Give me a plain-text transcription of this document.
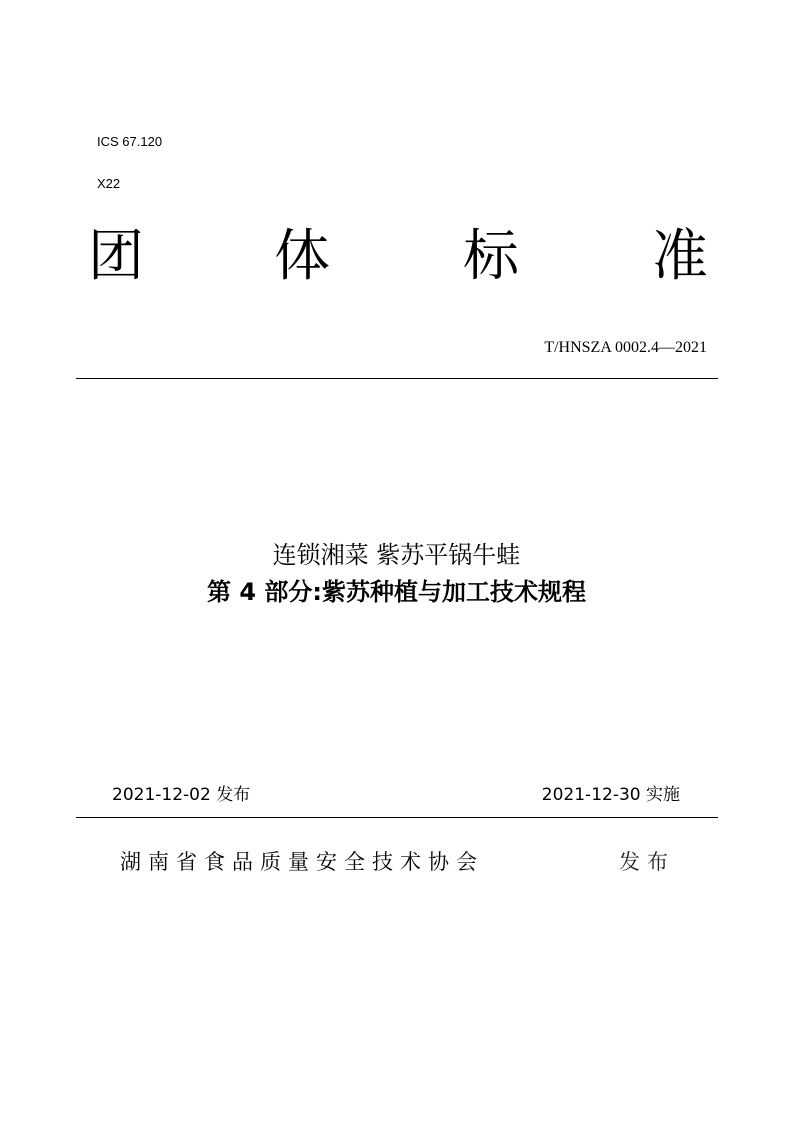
ICS 67.120
X22
团 体 标 准
T/HNSZA 0002.4—2021
连锁湘菜 紫苏平锅牛蛙
第 4 部分:紫苏种植与加工技术规程
2021-12-02 发布	2021-12-30 实施
湖南省食品质量安全技术协会	发布
